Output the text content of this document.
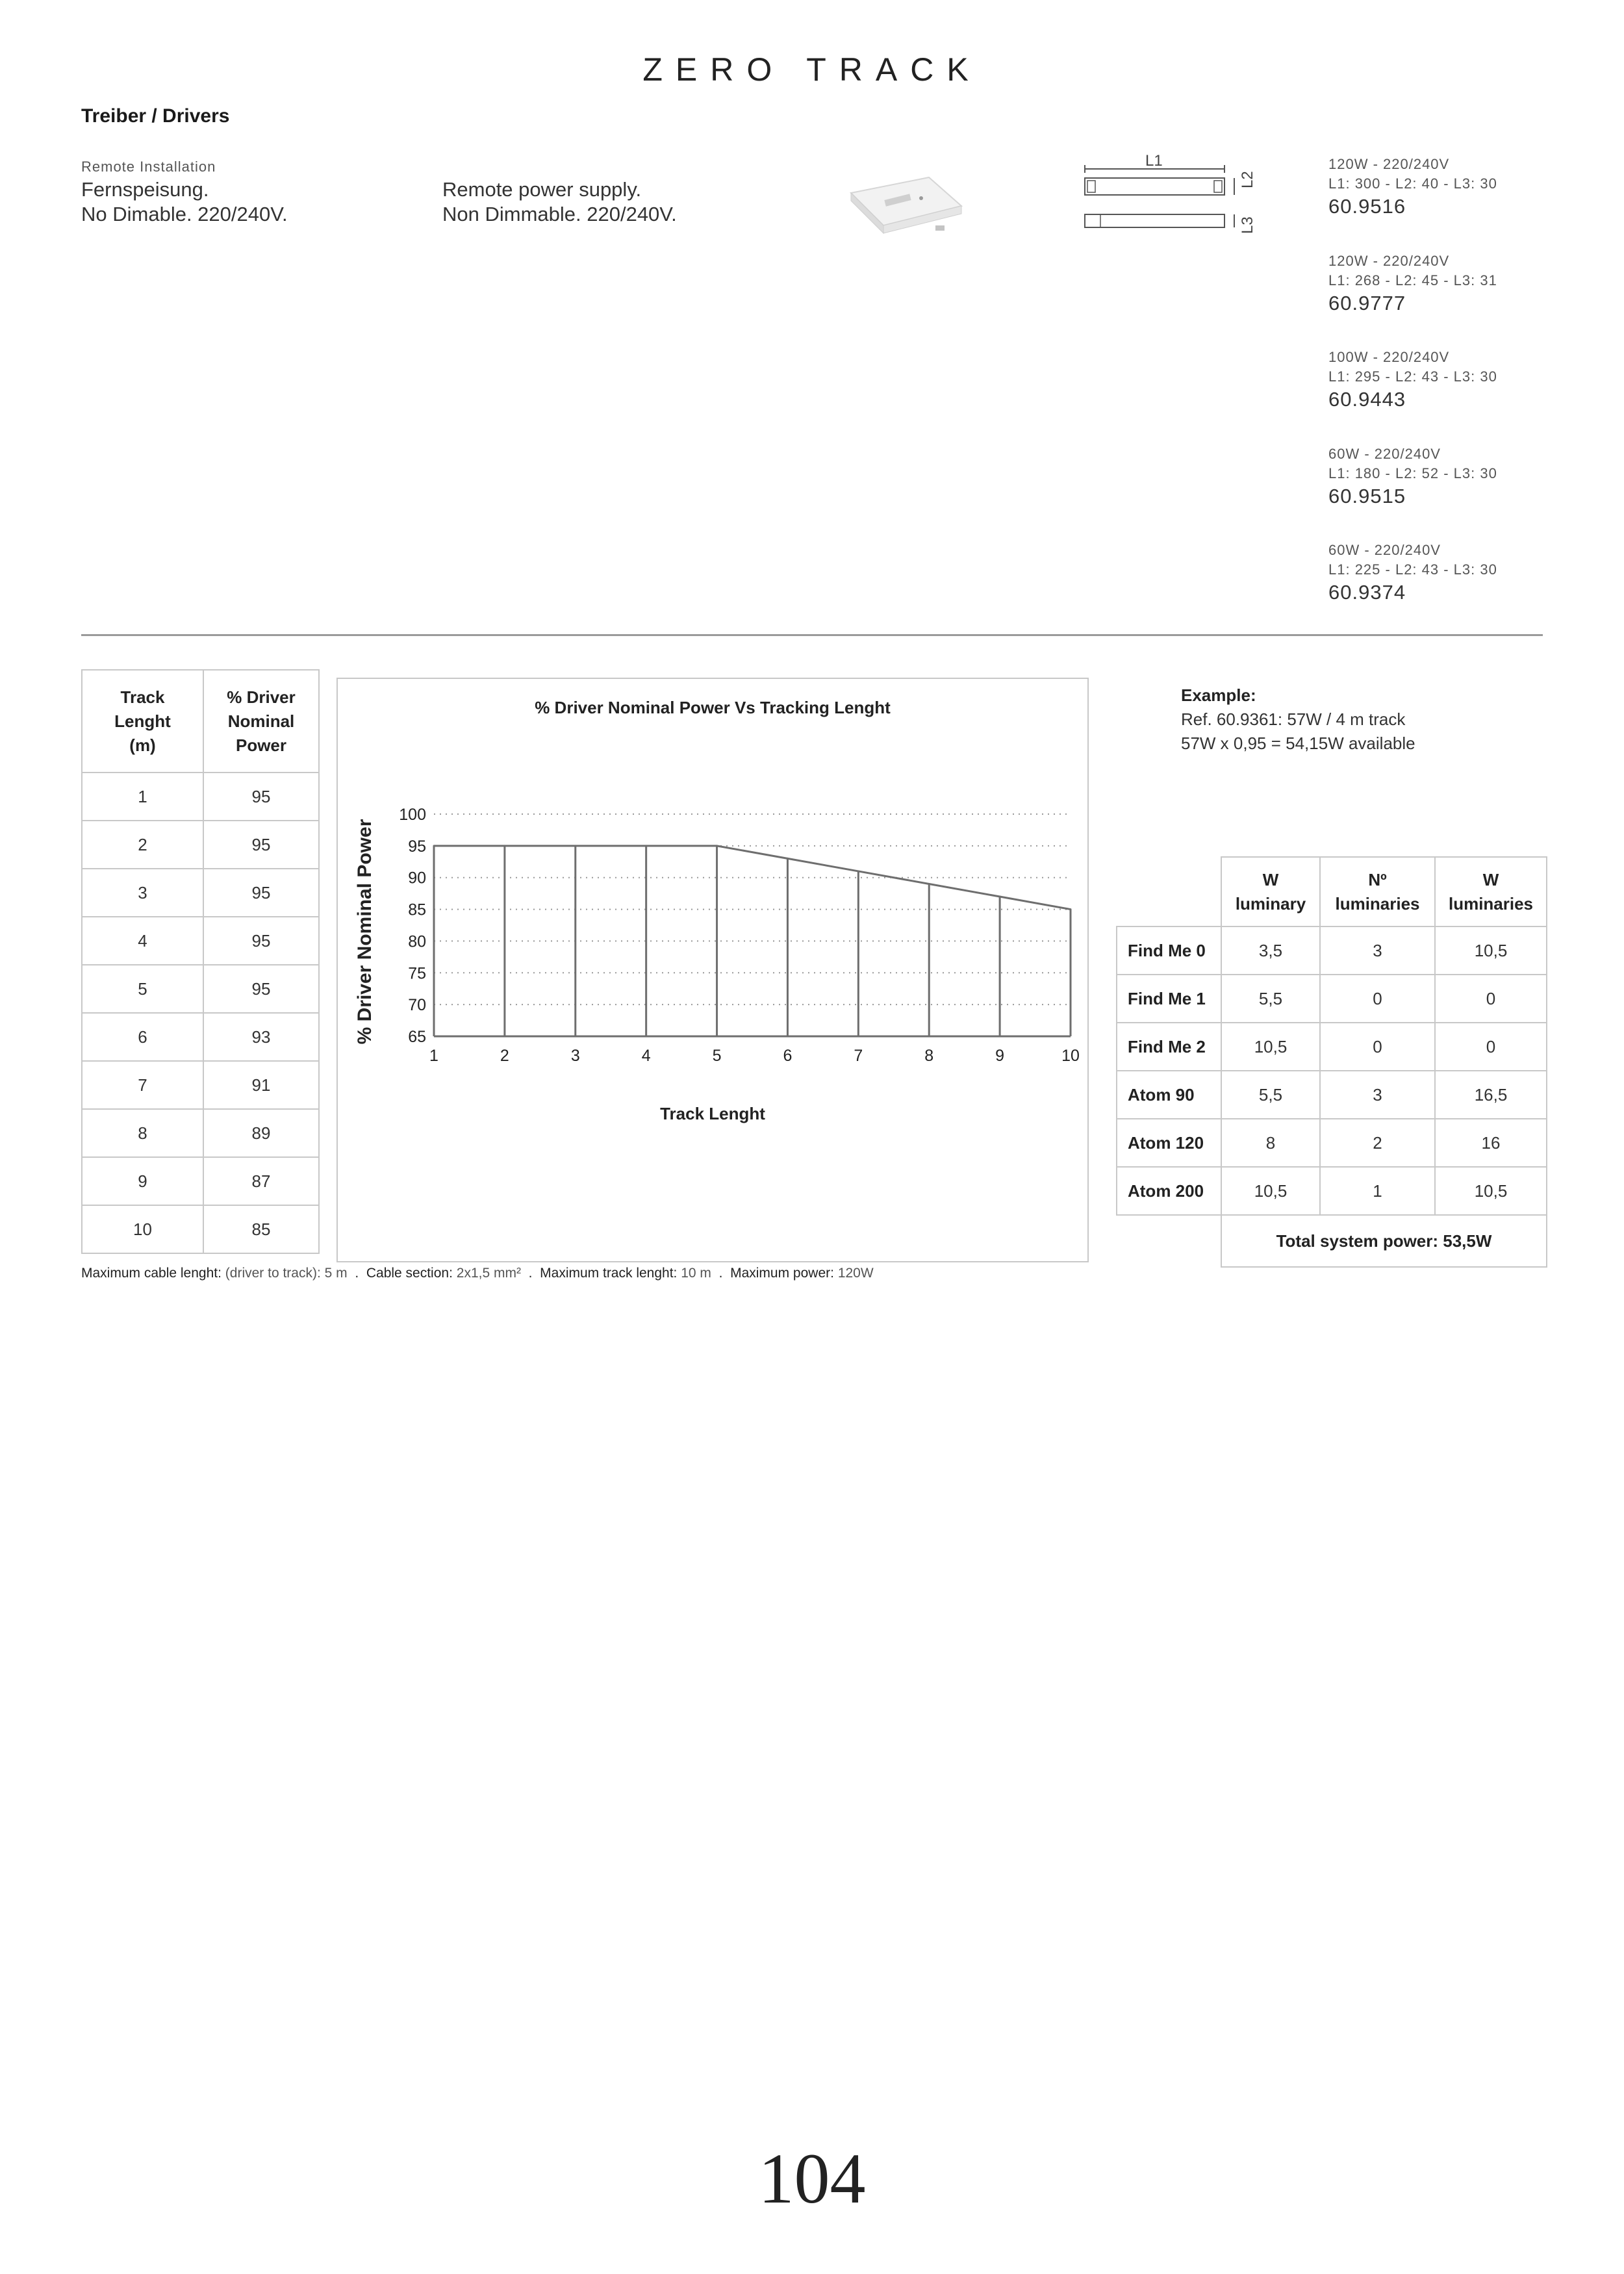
ZERO TRACK
Treiber / Drivers
Remote Installation
Fernspeisung.
No Dimable. 220/240V.
Remote power supply.
Non Dimmable. 220/240V.
L1
L2
L3
120W - 220/240V
L1: 300 - L2: 40 - L3: 30
60.9516
120W - 220/240V
L1: 268 - L2: 45 - L3: 31
60.9777
100W - 220/240V
L1: 295 - L2: 43 - L3: 30
60.9443
60W - 220/240V
L1: 180 - L2: 52 - L3: 30
60.9515
60W - 220/240V
L1: 225 - L2: 43 - L3: 30
60.9374
Track
Lenght
(m)	% Driver
Nominal
Power
1	95
2	95
3	95
4	95
5	95
6	93
7	91
8	89
9	87
10	85
% Driver Nominal Power Vs Tracking Lenght
65
70
75
80
85
90
95
100
1	2	3	4	5	6	7	8	9	10
Track Lenght
% Driver Nominal Power
Example:
Ref. 60.9361: 57W / 4 m track
57W x 0,95 = 54,15W available
	W
luminary	Nº
luminaries	W
luminaries
Find Me 0	3,5	3	10,5
Find Me 1	5,5	0	0
Find Me 2	10,5	0	0
Atom 90	5,5	3	16,5
Atom 120	8	2	16
Atom 200	10,5	1	10,5
	Total system power: 53,5W		
Maximum cable lenght: (driver to track): 5 m . Cable section: 2x1,5 mm² . Maximum track lenght: 10 m . Maximum power: 120W
104
